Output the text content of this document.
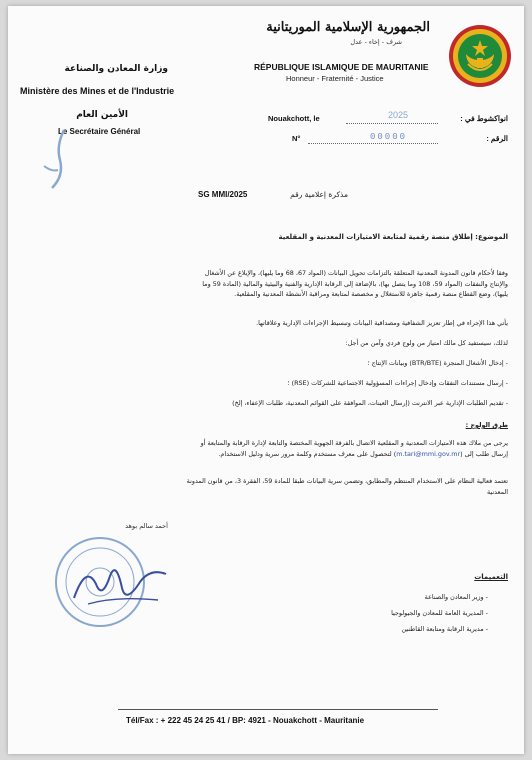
الجمهورية الإسلامية الموريتانية
شرف - إخاء - عدل
RÉPUBLIQUE ISLAMIQUE DE MAURITANIE
Honneur - Fraternité - Justice
وزارة المعادن والصناعة
Ministère des Mines et de l'Industrie
الأمين العام
Le Secrétaire Général
Nouakchott, le	2025	انواكشوط في :
N°	00000	الرقم :
SG MMI/2025	مذكرة إعلامية رقم
الموضوع: إطلاق منصة رقمية لمتابعة الامتيازات المعدنية و المقلعية
وفقا لأحكام قانون المدونة المعدنية المتعلقة بالتزامات تحويل البيانات (المواد 67، 68 وما يليها)، والإبلاغ عن الأشغال
والإنتاج والنفقات (المواد 59، 108 وما يتصل بها)، بالإضافة إلى الرقابة الإدارية والفنية والبيئية والمالية (المادة 59 وما
يليها)، وضع القطاع منصة رقمية جاهزة للاستغلال و مخصصة لمتابعة ومراقبة الأنشطة المعدنية والمقلعية.
يأتي هذا الإجراء في إطار تعزيز الشفافية ومصداقية البيانات وتبسيط الإجراءات الإدارية وعلاقاتها.
لذلك، سيستفيد كل مالك امتياز من ولوج فردي وآمن من أجل:
- إدخال الأشغال المنجزة (BTR/BTE) وبيانات الإنتاج ؛
- إرسال مستندات النفقات وإدخال إجراءات المسؤولية الاجتماعية للشركات (RSE) ؛
- تقديم الطلبات الإدارية عبر الانترنت (إرسال العينات، الموافقة على القوائم المعدنية، طلبات الإعفاء، إلخ)
طرق الولوج :
يرجى من ملاك هذه الامتيازات المعدنية و المقلعية الاتصال بالفرقة الجهوية المختصة والتابعة لإدارة الرقابة والمتابعة أو
إرسال طلب إلى (m.tari@mmi.gov.mr) لتحصول على معرف مستخدم وكلمة مرور سرية ودليل الاستخدام.
تعتمد فعالية النظام على الاستخدام المنتظم والمطابق، وتضمن سرية البيانات طبقا للمادة 59، الفقرة 3، من قانون المدونة
المعدنية
أحمد سالم بوهد
التعميمات
- وزير المعادن والصناعة
- المديرية العامة للمعادن والجيولوجيا
- مديرية الرقابة ومتابعة القاطنين
Tél/Fax : + 222 45 24 25 41 / BP: 4921 - Nouakchott - Mauritanie
